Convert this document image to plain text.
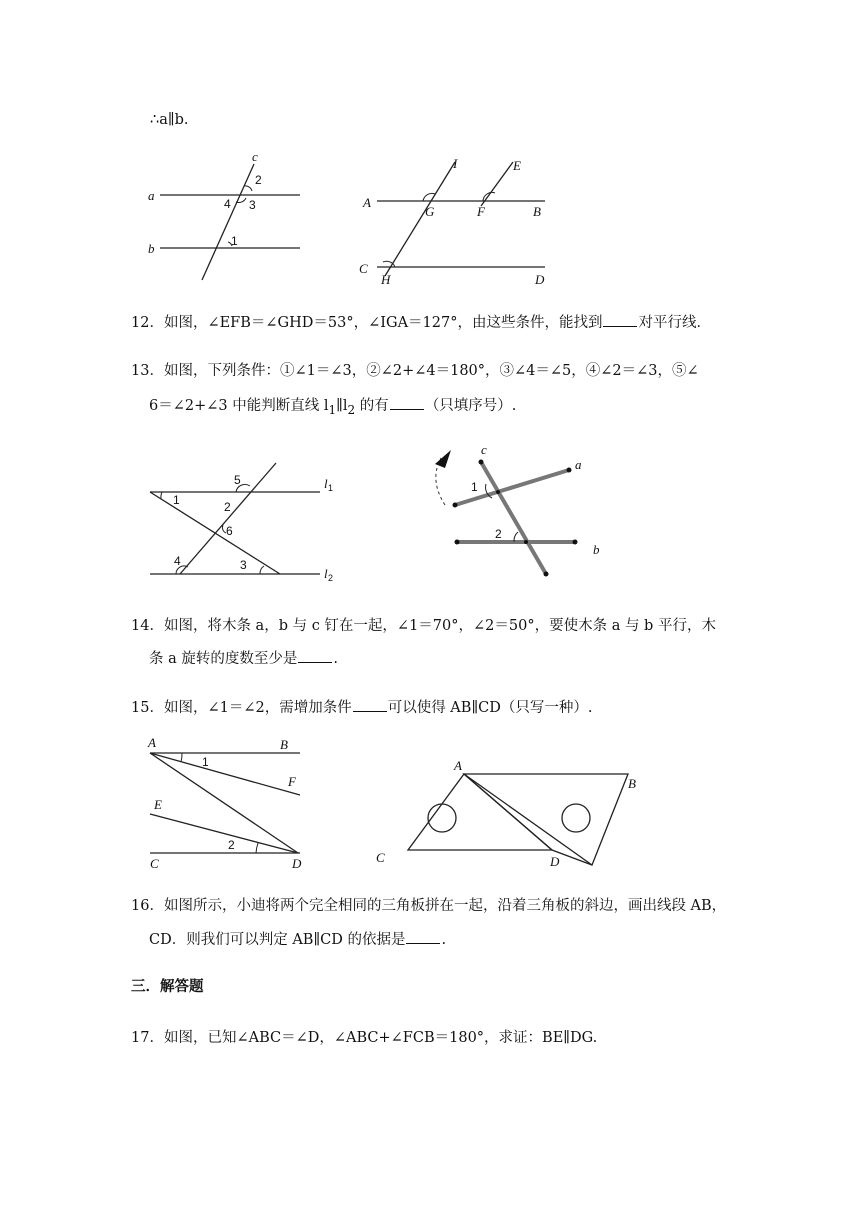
∴a∥b.
c
a
b
2
4 3
1
I	E
A
G	F	B
C
H	D
12．如图，∠EFB＝∠GHD＝53°，∠IGA＝127°，由这些条件，能找到 对平行线．
13．如图，下列条件：①∠1＝∠3，②∠2+∠4＝180°，③∠4＝∠5，④∠2＝∠3，⑤∠
6＝∠2+∠3 中能判断直线 $l_1\parallel l_2$ 的有 （只填序号）.
l 1
l 2
1
5
2
6
4	3
c
a
b
1
2
14．如图，将木条 a，b 与 c 钉在一起，∠1＝70°，∠2＝50°，要使木条 a 与 b 平行，木
条 a 旋转的度数至少是 .
15．如图，∠1＝∠2，需增加条件 可以使得 AB∥CD（只写一种）.
A	B
1
F
E
2
C	D
A
B
C	D
16．如图所示，小迪将两个完全相同的三角板拼在一起，沿着三角板的斜边，画出线段 AB，
CD．则我们可以判定 AB∥CD 的依据是 .
三．解答题
17．如图，已知∠ABC＝∠D，∠ABC+∠FCB＝180°，求证：BE∥DG.
